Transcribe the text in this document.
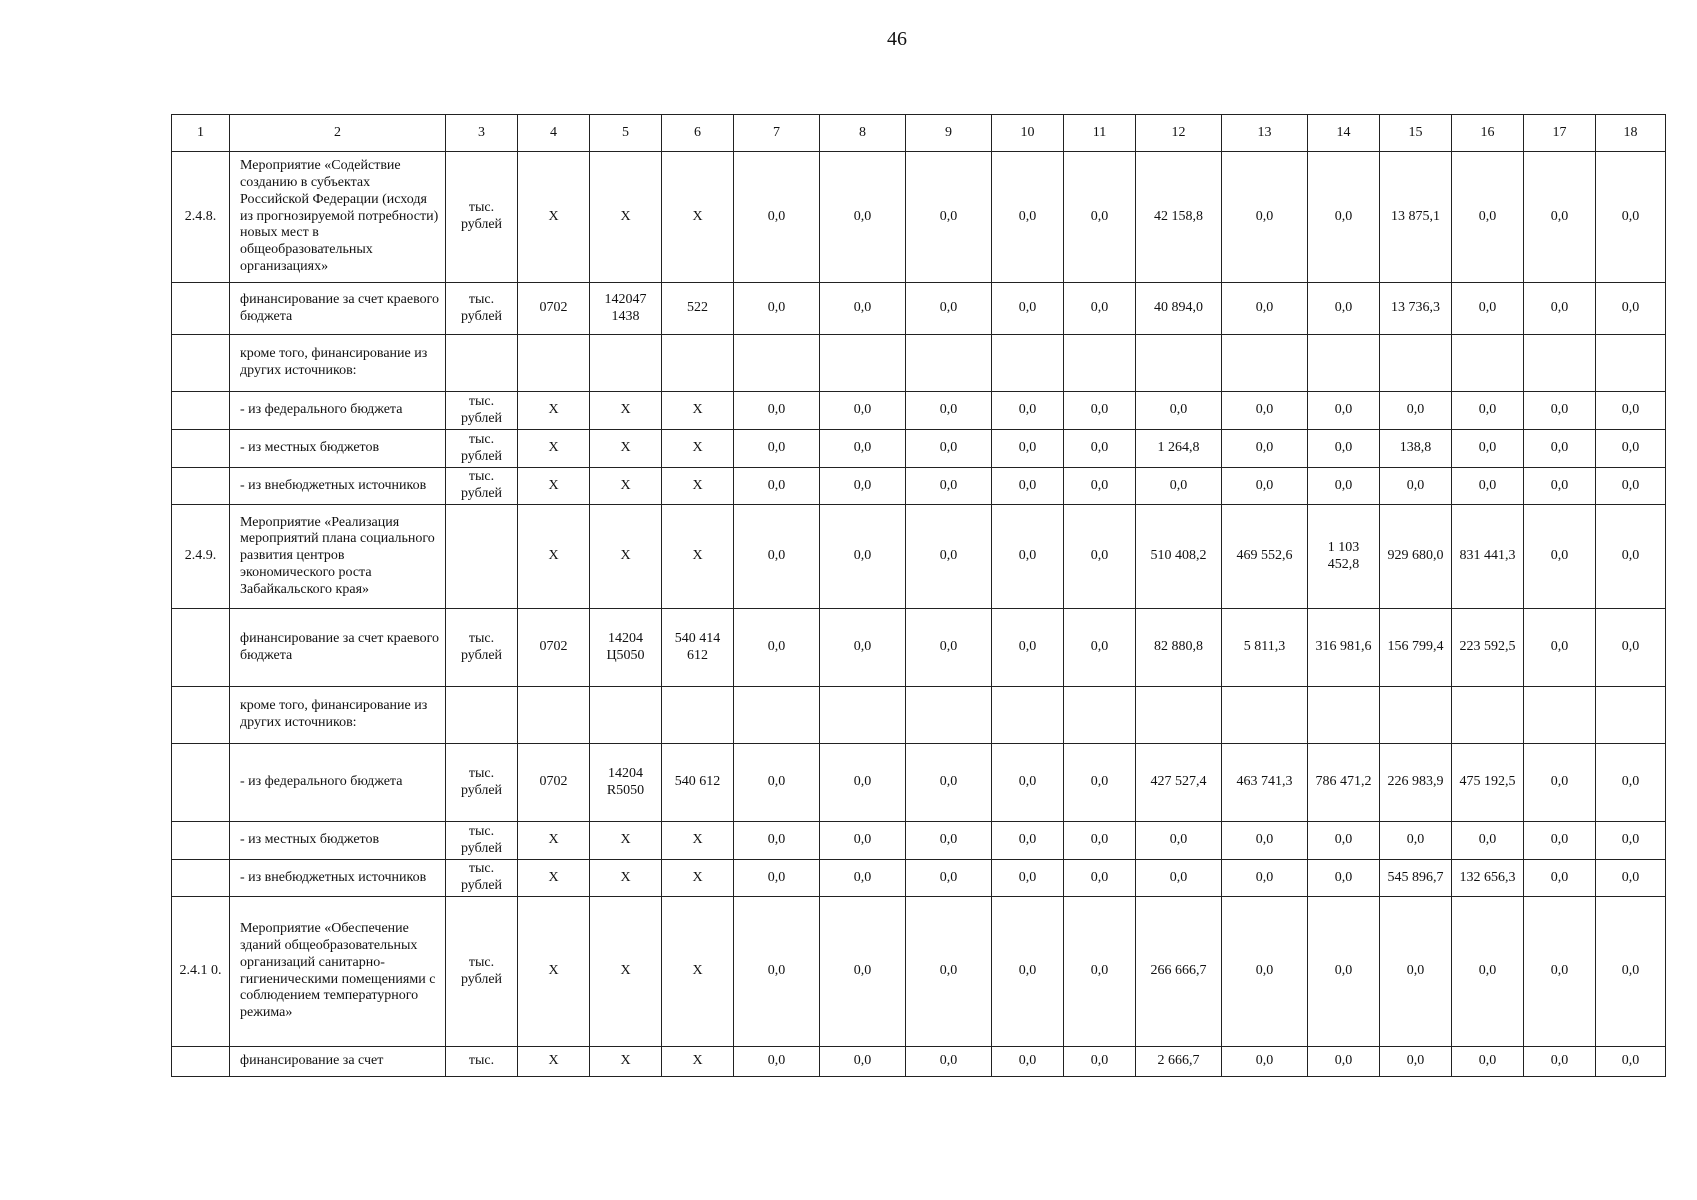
46
1	2	3	4	5	6	7	8	9	10	11	12	13	14	15	16	17	18
2.4.8.	Мероприятие «Содействие созданию в субъектах Российской Федерации (исходя из прогнозируемой потребности) новых мест в общеобразовательных организациях»	тыс. рублей	Х	Х	Х	0,0	0,0	0,0	0,0	0,0	42 158,8	0,0	0,0	13 875,1	0,0	0,0	0,0
	финансирование за счет краевого бюджета	тыс. рублей	0702	142047 1438	522	0,0	0,0	0,0	0,0	0,0	40 894,0	0,0	0,0	13 736,3	0,0	0,0	0,0
	кроме того, финансирование из других источников:																
	- из федерального бюджета	тыс. рублей	Х	Х	Х	0,0	0,0	0,0	0,0	0,0	0,0	0,0	0,0	0,0	0,0	0,0	0,0
	- из местных бюджетов	тыс. рублей	Х	Х	Х	0,0	0,0	0,0	0,0	0,0	1 264,8	0,0	0,0	138,8	0,0	0,0	0,0
	- из внебюджетных источников	тыс. рублей	Х	Х	Х	0,0	0,0	0,0	0,0	0,0	0,0	0,0	0,0	0,0	0,0	0,0	0,0
2.4.9.	Мероприятие «Реализация мероприятий плана социального развития центров экономического роста Забайкальского края»		Х	Х	Х	0,0	0,0	0,0	0,0	0,0	510 408,2	469 552,6	1 103 452,8	929 680,0	831 441,3	0,0	0,0
	финансирование за счет краевого бюджета	тыс. рублей	0702	14204 Ц5050	540 414 612	0,0	0,0	0,0	0,0	0,0	82 880,8	5 811,3	316 981,6	156 799,4	223 592,5	0,0	0,0
	кроме того, финансирование из других источников:																
	- из федерального бюджета	тыс. рублей	0702	14204 R5050	540 612	0,0	0,0	0,0	0,0	0,0	427 527,4	463 741,3	786 471,2	226 983,9	475 192,5	0,0	0,0
	- из местных бюджетов	тыс. рублей	Х	Х	Х	0,0	0,0	0,0	0,0	0,0	0,0	0,0	0,0	0,0	0,0	0,0	0,0
	- из внебюджетных источников	тыс. рублей	Х	Х	Х	0,0	0,0	0,0	0,0	0,0	0,0	0,0	0,0	545 896,7	132 656,3	0,0	0,0
2.4.1 0.	Мероприятие «Обеспечение зданий общеобразовательных организаций санитарно-гигиеническими помещениями с соблюдением температурного режима»	тыс. рублей	Х	Х	Х	0,0	0,0	0,0	0,0	0,0	266 666,7	0,0	0,0	0,0	0,0	0,0	0,0
	финансирование за счет	тыс.	Х	Х	Х	0,0	0,0	0,0	0,0	0,0	2 666,7	0,0	0,0	0,0	0,0	0,0	0,0
